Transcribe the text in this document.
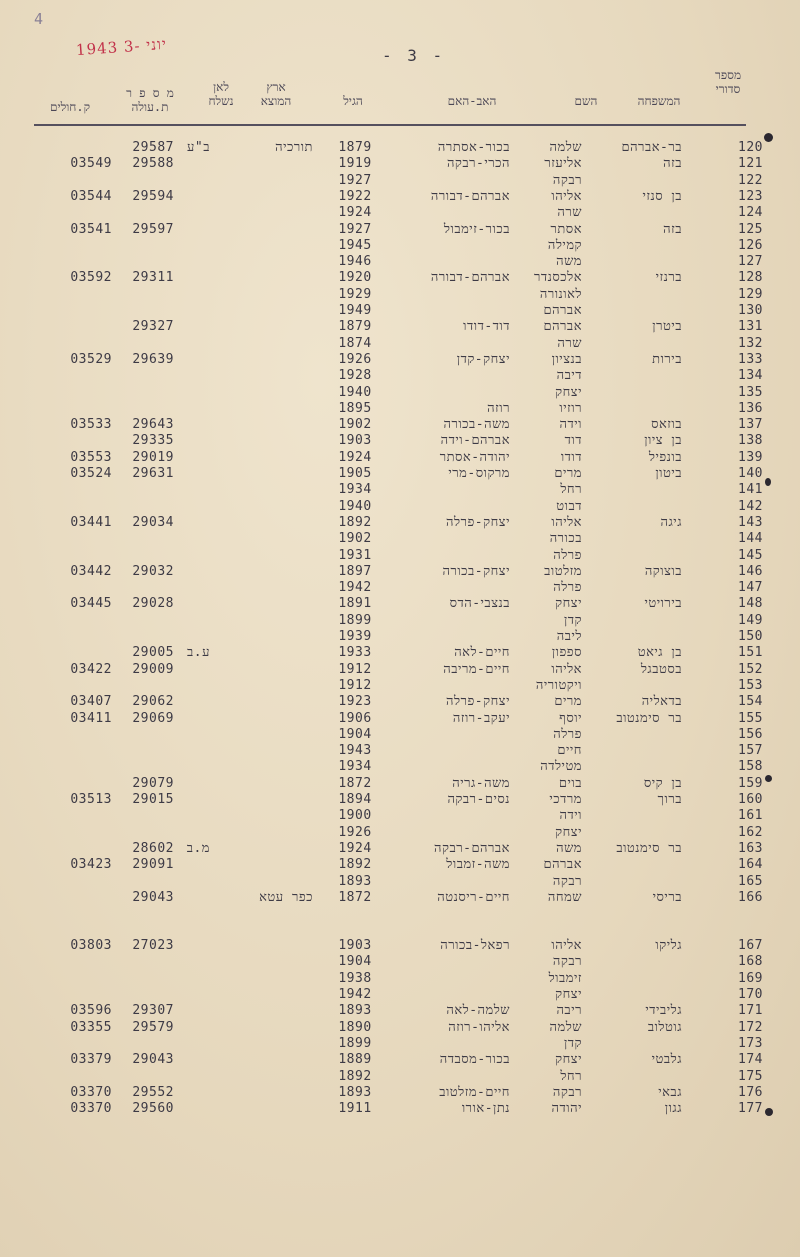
4
1943 יוני -3
- 3 -
מספר
סדורי
המשפחה
השם
האב-האם
הגיל
ארץ
המוצא
לאן
נשלח
מ ס פ ר
ת.עולה
ק.חולים
120
בר-אברהם
שלמה
בכור-אסתרה
1879
תורכיה
ב"ע
29587
121
בזה
אליעזר
הכרי-רבקה
1919
29588
03549
122
רבקה
1927
123
בן סנזי
אליהו
אברהם-דבורה
1922
29594
03544
124
שרה
1924
125
בזה
אסתר
בכור-זימבול
1927
29597
03541
126
קמילה
1945
127
משה
1946
128
ברנזי
אלכסנדר
אברהם-דבורה
1920
29311
03592
129
לאונורה
1929
130
אברהם
1949
131
ביטרן
אברהם
דוד-דודו
1879
29327
132
שרה
1874
133
בירות
בנציון
יצחק-קדן
1926
29639
03529
134
דיבה
1928
135
יצחק
1940
136
רוזיו
רוזה
1895
137
בוזאס
וידה
משה-בכורה
1902
29643
03533
138
בן ציון
דוד
אברהם-וידה
1903
29335
139
בונפיל
דודו
יהודה-אסתר
1924
29019
03553
140
ביטון
מרים
מרקוס-מרי
1905
29631
03524
141
רחל
1934
142
דבוט
1940
143
גיגה
אליהו
יצחק-פרלה
1892
29034
03441
144
בכורה
1902
145
פרלה
1931
146
בוצוקה
מזלטוב
יצחק-בכורה
1897
29032
03442
147
פרלה
1942
148
בירויטי
יצחק
בנצבי-הדס
1891
29028
03445
149
קדן
1899
150
ליבה
1939
151
בן גיאט
ספפון
חיים-לאה
1933
ע.ב
29005
152
בסטבגל
אליהו
חיים-מריבה
1912
29009
03422
153
ויקטוריה
1912
154
בדאליה
מרים
יצחק-פרלה
1923
29062
03407
155
בר סימנטוב
יוסף
יעקב-רוזה
1906
29069
03411
156
פרלה
1904
157
חיים
1943
158
מטילדה
1934
159
בן קיס
בוים
משה-גריה
1872
29079
160
ברוך
מרדכי
נסים-רבקה
1894
29015
03513
161
וידה
1900
162
יצחק
1926
163
בר סימנטוב
משה
אברהם-רבקה
1924
מ.ב
28602
164
אברהם
משה-זמבול
1892
29091
03423
165
רבקה
1893
166
בריסי
שמחה
חיים-ריסנטה
1872
כפר עטא
29043
167
גליקו
אליהו
רפאל-בכורה
1903
27023
03803
168
רבקה
1904
169
זימבול
1938
170
יצחק
1942
171
גליבידי
ריבה
שלמה-לאה
1893
29307
03596
172
גוטלוב
שלמה
אליהו-רוזה
1890
29579
03355
173
קדן
1899
174
גלבטי
יצחק
בכור-מסבדה
1889
29043
03379
175
רחל
1892
176
גבאי
רבקה
חיים-מזלטוב
1893
29552
03370
177
גגון
יהודה
נתן-אורו
1911
29560
03370
